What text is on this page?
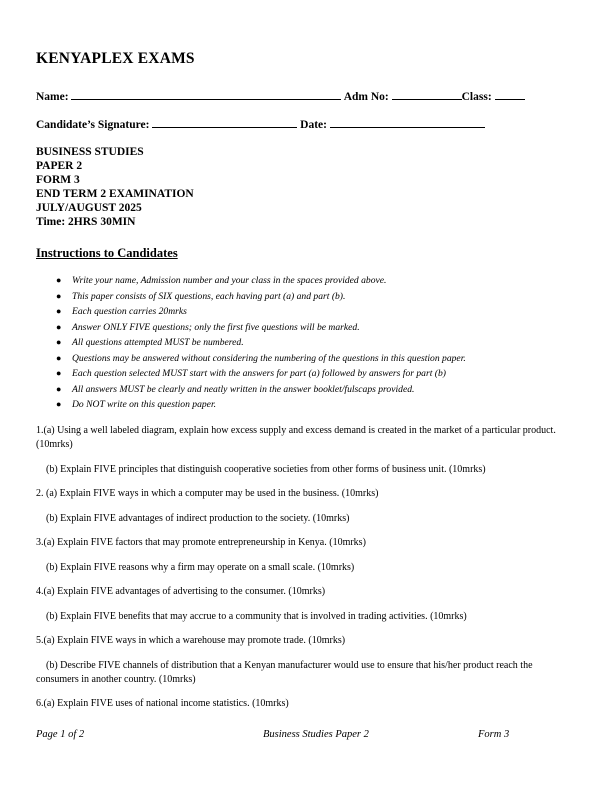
KENYAPLEX EXAMS
Name:	Adm No:	Class:
Candidate’s Signature:	Date:
BUSINESS STUDIES
PAPER 2
FORM 3
END TERM 2 EXAMINATION
JULY/AUGUST 2025
Time: 2HRS 30MIN
Instructions to Candidates
● Write your name, Admission number and your class in the spaces provided above.
● This paper consists of SIX questions, each having part (a) and part (b).
● Each question carries 20mrks
● Answer ONLY FIVE questions; only the first five questions will be marked.
● All questions attempted MUST be numbered.
● Questions may be answered without considering the numbering of the questions in this question paper.
● Each question selected MUST start with the answers for part (a) followed by answers for part (b)
● All answers MUST be clearly and neatly written in the answer booklet/fulscaps provided.
● Do NOT write on this question paper.

1.(a) Using a well labeled diagram, explain how excess supply and excess demand is created in the market of a particular product. (10mrks)

(b) Explain FIVE principles that distinguish cooperative societies from other forms of business unit. (10mrks)

2. (a) Explain FIVE ways in which a computer may be used in the business. (10mrks)

(b) Explain FIVE advantages of indirect production to the society. (10mrks)

3.(a) Explain FIVE factors that may promote entrepreneurship in Kenya. (10mrks)

(b) Explain FIVE reasons why a firm may operate on a small scale. (10mrks)

4.(a) Explain FIVE advantages of advertising to the consumer. (10mrks)

(b) Explain FIVE benefits that may accrue to a community that is involved in trading activities. (10mrks)

5.(a) Explain FIVE ways in which a warehouse may promote trade. (10mrks)

(b) Describe FIVE channels of distribution that a Kenyan manufacturer would use to ensure that his/her product reach the consumers in another country. (10mrks)

6.(a) Explain FIVE uses of national income statistics. (10mrks)

Page 1 of 2	Business Studies Paper 2	Form 3
